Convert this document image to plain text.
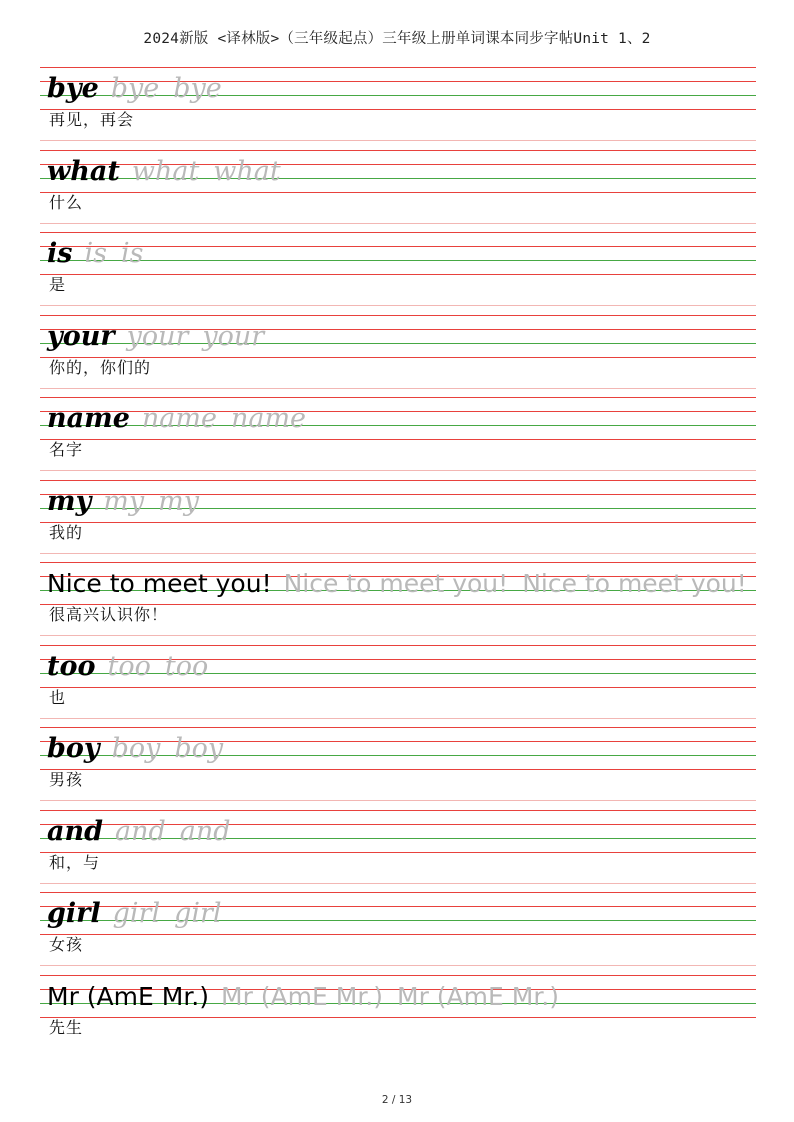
2024新版 <译林版>（三年级起点）三年级上册单词课本同步字帖Unit 1、2
bye bye bye
再见，再会
what what what
什么
is is is
是
your your your
你的，你们的
name name name
名字
my my my
我的
Nice to meet you! Nice to meet you! Nice to meet you!
很高兴认识你！
too too too
也
boy boy boy
男孩
and and and
和，与
girl girl girl
女孩
Mr (AmE Mr.) Mr (AmE Mr.) Mr (AmE Mr.)
先生
2 / 13
